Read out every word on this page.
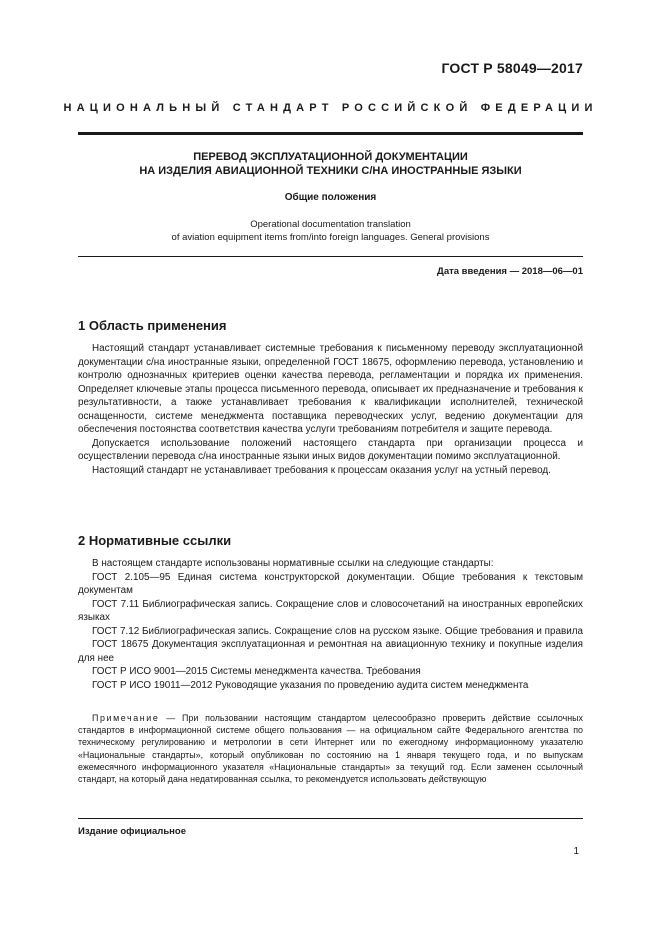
ГОСТ Р 58049—2017
НАЦИОНАЛЬНЫЙ СТАНДАРТ РОССИЙСКОЙ ФЕДЕРАЦИИ
ПЕРЕВОД ЭКСПЛУАТАЦИОННОЙ ДОКУМЕНТАЦИИ
НА ИЗДЕЛИЯ АВИАЦИОННОЙ ТЕХНИКИ С/НА ИНОСТРАННЫЕ ЯЗЫКИ
Общие положения
Operational documentation translation
of aviation equipment items from/into foreign languages. General provisions
Дата введения — 2018—06—01
1 Область применения

Настоящий стандарт устанавливает системные требования к письменному переводу эксплуатационной документации с/на иностранные языки, определенной ГОСТ 18675, оформлению перевода, установлению и контролю однозначных критериев оценки качества перевода, регламентации и порядка их применения. Определяет ключевые этапы процесса письменного перевода, описывает их предназначение и требования к результативности, а также устанавливает требования к квалификации исполнителей, технической оснащенности, системе менеджмента поставщика переводческих услуг, ведению документации для обеспечения постоянства соответствия качества услуги требованиям потребителя и защите перевода.

Допускается использование положений настоящего стандарта при организации процесса и осуществлении перевода с/на иностранные языки иных видов документации помимо эксплуатационной.

Настоящий стандарт не устанавливает требования к процессам оказания услуг на устный перевод.

2 Нормативные ссылки

В настоящем стандарте использованы нормативные ссылки на следующие стандарты:

ГОСТ 2.105—95 Единая система конструкторской документации. Общие требования к текстовым документам

ГОСТ 7.11 Библиографическая запись. Сокращение слов и словосочетаний на иностранных европейских языках

ГОСТ 7.12 Библиографическая запись. Сокращение слов на русском языке. Общие требования и правила

ГОСТ 18675 Документация эксплуатационная и ремонтная на авиационную технику и покупные изделия для нее

ГОСТ Р ИСО 9001—2015 Системы менеджмента качества. Требования

ГОСТ Р ИСО 19011—2012 Руководящие указания по проведению аудита систем менеджмента

Примечание — При пользовании настоящим стандартом целесообразно проверить действие ссылочных стандартов в информационной системе общего пользования — на официальном сайте Федерального агентства по техническому регулированию и метрологии в сети Интернет или по ежегодному информационному указателю «Национальные стандарты», который опубликован по состоянию на 1 января текущего года, и по выпускам ежемесячного информационного указателя «Национальные стандарты» за текущий год. Если заменен ссылочный стандарт, на который дана недатированная ссылка, то рекомендуется использовать действующую
Издание официальное
1
